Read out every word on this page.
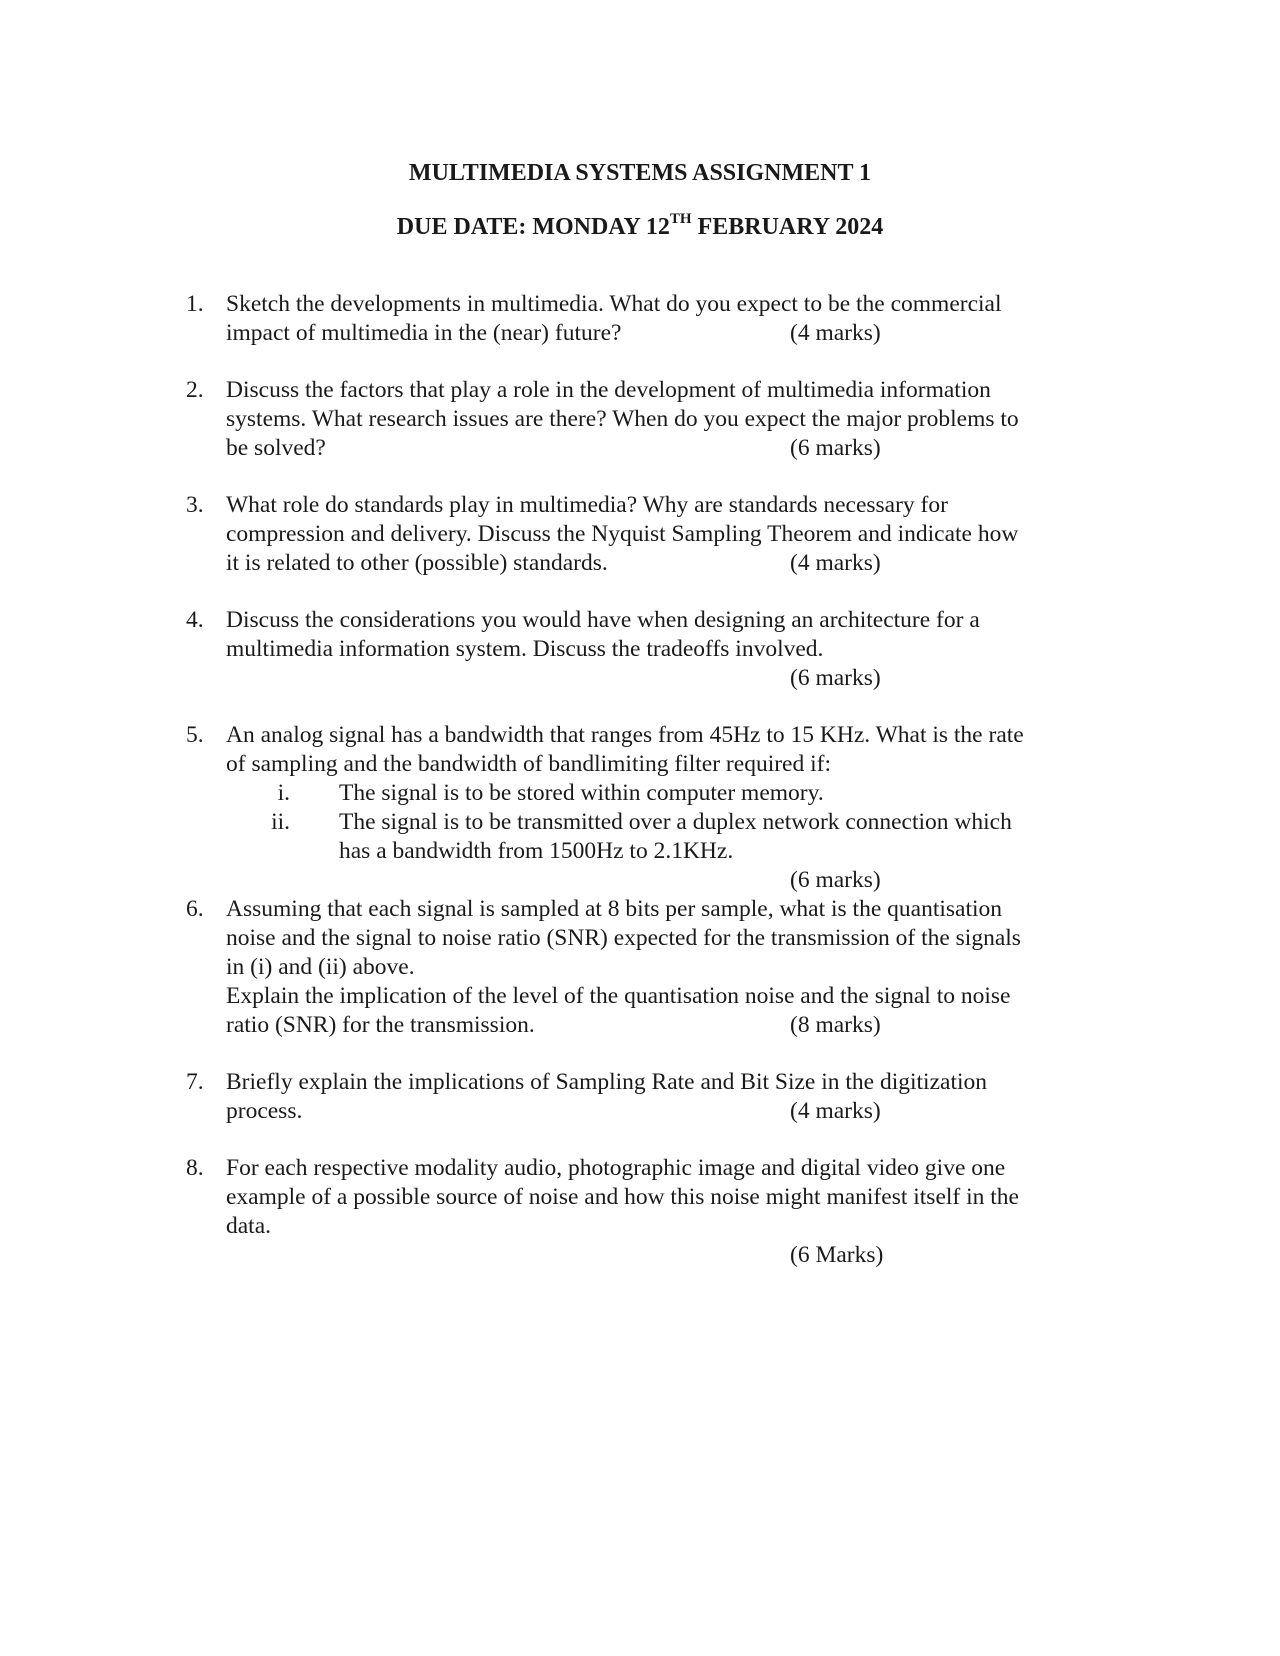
MULTIMEDIA SYSTEMS ASSIGNMENT 1
DUE DATE: MONDAY 12TH FEBRUARY 2024
1. Sketch the developments in multimedia. What do you expect to be the commercial
impact of multimedia in the (near) future?	(4 marks)
2. Discuss the factors that play a role in the development of multimedia information
systems. What research issues are there? When do you expect the major problems to
be solved?	(6 marks)
3. What role do standards play in multimedia? Why are standards necessary for
compression and delivery. Discuss the Nyquist Sampling Theorem and indicate how
it is related to other (possible) standards.	(4 marks)
4. Discuss the considerations you would have when designing an architecture for a
multimedia information system. Discuss the tradeoffs involved.
(6 marks)
5. An analog signal has a bandwidth that ranges from 45Hz to 15 KHz. What is the rate
of sampling and the bandwidth of bandlimiting filter required if:
i. The signal is to be stored within computer memory.
ii. The signal is to be transmitted over a duplex network connection which
has a bandwidth from 1500Hz to 2.1KHz.
(6 marks)
6. Assuming that each signal is sampled at 8 bits per sample, what is the quantisation
noise and the signal to noise ratio (SNR) expected for the transmission of the signals
in (i) and (ii) above.
Explain the implication of the level of the quantisation noise and the signal to noise
ratio (SNR) for the transmission.	(8 marks)
7. Briefly explain the implications of Sampling Rate and Bit Size in the digitization
process.	(4 marks)
8. For each respective modality audio, photographic image and digital video give one
example of a possible source of noise and how this noise might manifest itself in the
data.
(6 Marks)
